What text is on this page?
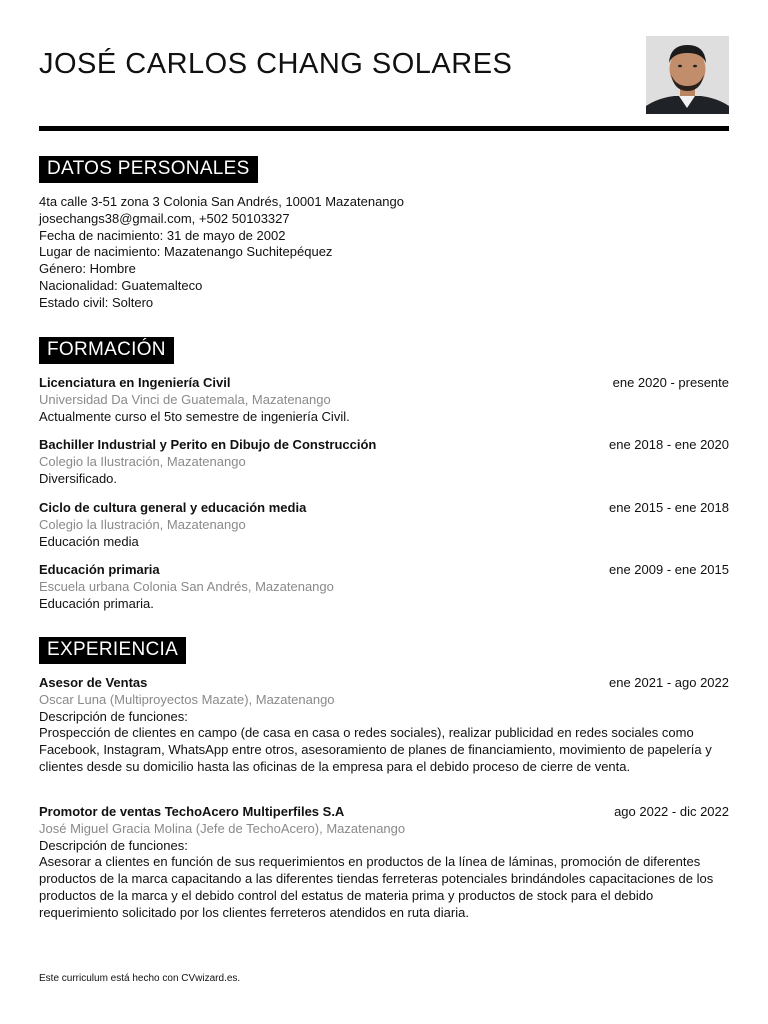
JOSÉ CARLOS CHANG SOLARES
DATOS PERSONALES
4ta calle 3-51 zona 3 Colonia San Andrés, 10001 Mazatenango
josechangs38@gmail.com, +502 50103327
Fecha de nacimiento: 31 de mayo de 2002
Lugar de nacimiento: Mazatenango Suchitepéquez
Género: Hombre
Nacionalidad: Guatemalteco
Estado civil: Soltero
FORMACIÓN
Licenciatura en Ingeniería Civil	ene 2020 - presente
Universidad Da Vinci de Guatemala, Mazatenango
Actualmente curso el 5to semestre de ingeniería Civil.
Bachiller Industrial y Perito en Dibujo de Construcción	ene 2018 - ene 2020
Colegio la Ilustración, Mazatenango
Diversificado.
Ciclo de cultura general y educación media	ene 2015 - ene 2018
Colegio la Ilustración, Mazatenango
Educación media
Educación primaria	ene 2009 - ene 2015
Escuela urbana Colonia San Andrés, Mazatenango
Educación primaria.
EXPERIENCIA
Asesor de Ventas	ene 2021 - ago 2022
Oscar Luna (Multiproyectos Mazate), Mazatenango
Descripción de funciones:
Prospección de clientes en campo (de casa en casa o redes sociales), realizar publicidad en redes sociales como Facebook, Instagram, WhatsApp entre otros, asesoramiento de planes de financiamiento, movimiento de papelería y clientes desde su domicilio hasta las oficinas de la empresa para el debido proceso de cierre de venta.
Promotor de ventas TechoAcero Multiperfiles S.A	ago 2022 - dic 2022
José Miguel Gracia Molina (Jefe de TechoAcero), Mazatenango
Descripción de funciones:
Asesorar a clientes en función de sus requerimientos en productos de la línea de láminas, promoción de diferentes productos de la marca capacitando a las diferentes tiendas ferreteras potenciales brindándoles capacitaciones de los productos de la marca y el debido control del estatus de materia prima y productos de stock para el debido requerimiento solicitado por los clientes ferreteros atendidos en ruta diaria.
Este curriculum está hecho con CVwizard.es.
